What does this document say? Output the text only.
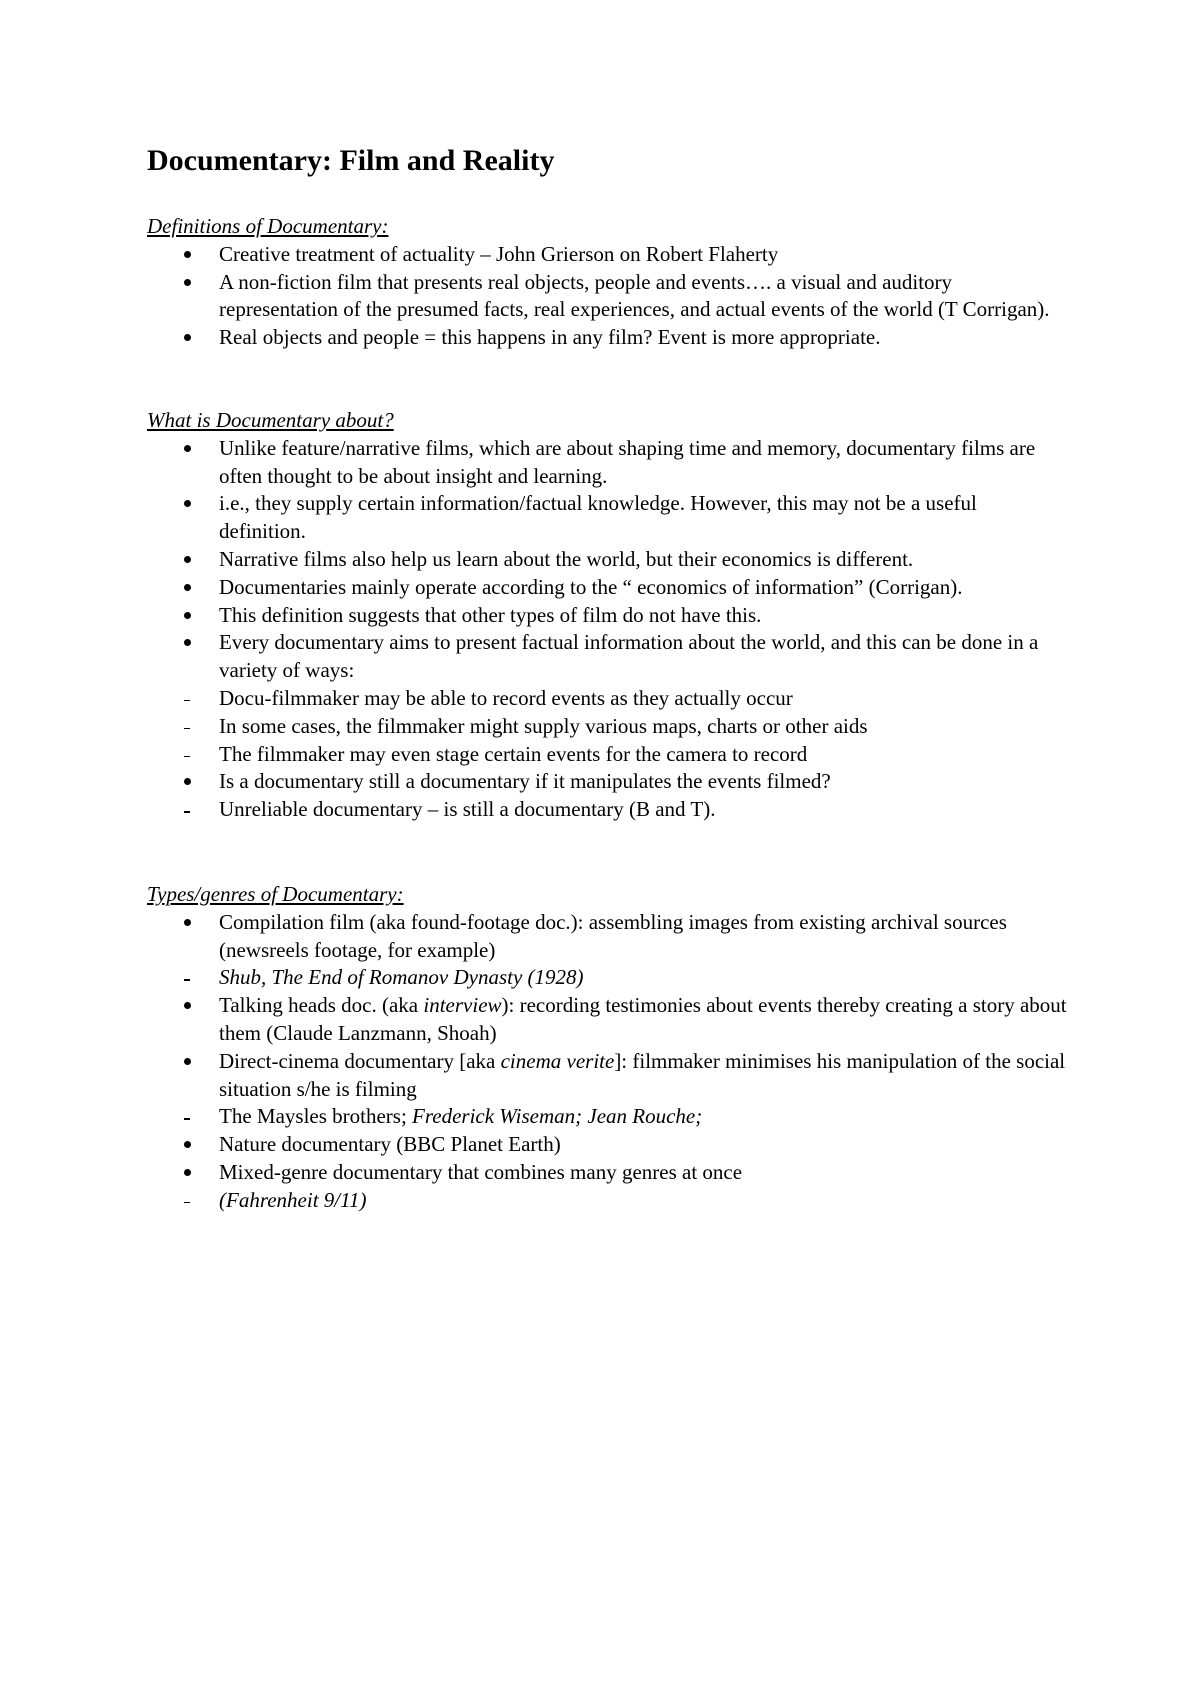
Documentary: Film and Reality
Definitions of Documentary:
Creative treatment of actuality – John Grierson on Robert Flaherty
A non-fiction film that presents real objects, people and events…. a visual and auditory representation of the presumed facts, real experiences, and actual events of the world (T Corrigan).
Real objects and people = this happens in any film? Event is more appropriate.
What is Documentary about?
Unlike feature/narrative films, which are about shaping time and memory, documentary films are often thought to be about insight and learning.
i.e., they supply certain information/factual knowledge. However, this may not be a useful definition.
Narrative films also help us learn about the world, but their economics is different.
Documentaries mainly operate according to the “ economics of information” (Corrigan).
This definition suggests that other types of film do not have this.
Every documentary aims to present factual information about the world, and this can be done in a variety of ways:
Docu-filmmaker may be able to record events as they actually occur
In some cases, the filmmaker might supply various maps, charts or other aids
The filmmaker may even stage certain events for the camera to record
Is a documentary still a documentary if it manipulates the events filmed?
Unreliable documentary – is still a documentary (B and T).
Types/genres of Documentary:
Compilation film (aka found-footage doc.): assembling images from existing archival sources (newsreels footage, for example)
Shub, The End of Romanov Dynasty (1928)
Talking heads doc. (aka interview): recording testimonies about events thereby creating a story about them (Claude Lanzmann, Shoah)
Direct-cinema documentary [aka cinema verite]: filmmaker minimises his manipulation of the social situation s/he is filming
The Maysles brothers; Frederick Wiseman; Jean Rouche;
Nature documentary (BBC Planet Earth)
Mixed-genre documentary that combines many genres at once
(Fahrenheit 9/11)
